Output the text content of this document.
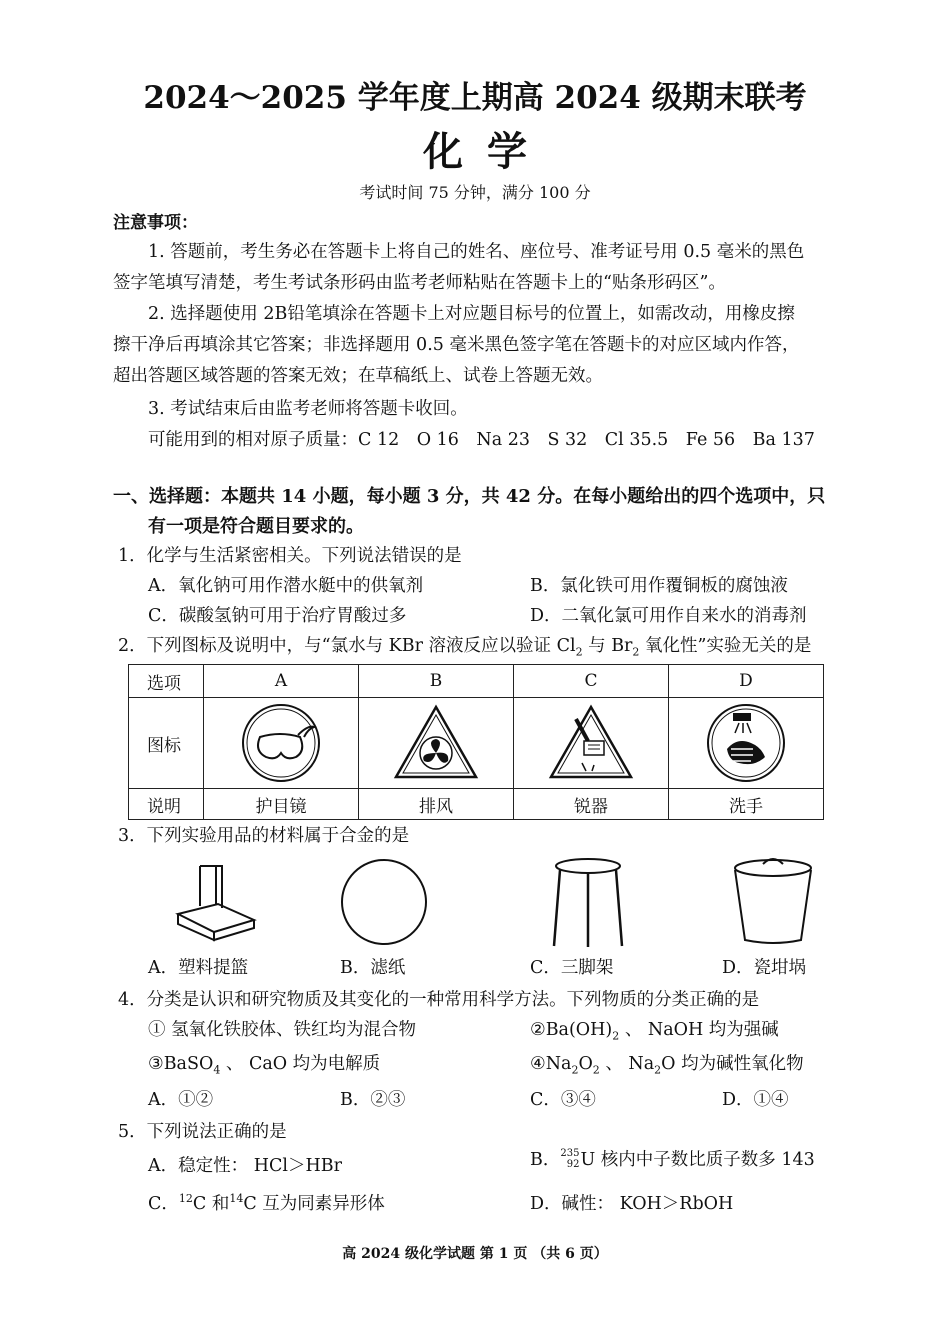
2024～2025 学年度上期高 2024 级期末联考
化学
考试时间 75 分钟，满分 100 分
注意事项：
1. 答题前，考生务必在答题卡上将自己的姓名、座位号、准考证号用 0.5 毫米的黑色
签字笔填写清楚，考生考试条形码由监考老师粘贴在答题卡上的“贴条形码区”。
2. 选择题使用 2B铅笔填涂在答题卡上对应题目标号的位置上，如需改动，用橡皮擦
擦干净后再填涂其它答案；非选择题用 0.5 毫米黑色签字笔在答题卡的对应区域内作答，
超出答题区域答题的答案无效；在草稿纸上、试卷上答题无效。
3. 考试结束后由监考老师将答题卡收回。
可能用到的相对原子质量：C 12　O 16　Na 23　S 32　Cl 35.5　Fe 56　Ba 137
一、选择题：本题共 14 小题，每小题 3 分，共 42 分。在每小题给出的四个选项中，只
有一项是符合题目要求的。
1．化学与生活紧密相关。下列说法错误的是
A．氧化钠可用作潜水艇中的供氧剂	B．氯化铁可用作覆铜板的腐蚀液
C．碳酸氢钠可用于治疗胃酸过多	D．二氧化氯可用作自来水的消毒剂
2．下列图标及说明中，与“氯水与 KBr 溶液反应以验证 $Cl_2$ 与 $Br_2$ 氧化性”实验无关的是
选项	A	B	C	D
图标	

说明	护目镜	排风	锐器	洗手
3．下列实验用品的材料属于合金的是
A．塑料提篮	B．滤纸	C．三脚架	D．瓷坩埚
4．分类是认识和研究物质及其变化的一种常用科学方法。下列物质的分类正确的是
① 氢氧化铁胶体、铁红均为混合物	$②Ba(OH)_2$ 、 NaOH 均为强碱
③BaSO$_4$ 、 CaO 均为电解质	$④Na_2O_2$ 、 $Na_2O$ 均为碱性氧化物
A．①②	B．②③	C．③④	D．①④
5．下列说法正确的是
A．稳定性： HCl＞HBr	B． 235
92 U 核内中子数比质子数多 143
C．$^{12}$C 和$^{14}$C 互为同素异形体	D．碱性： KOH＞RbOH
高 2024 级化学试题 第 1 页 （共 6 页）
